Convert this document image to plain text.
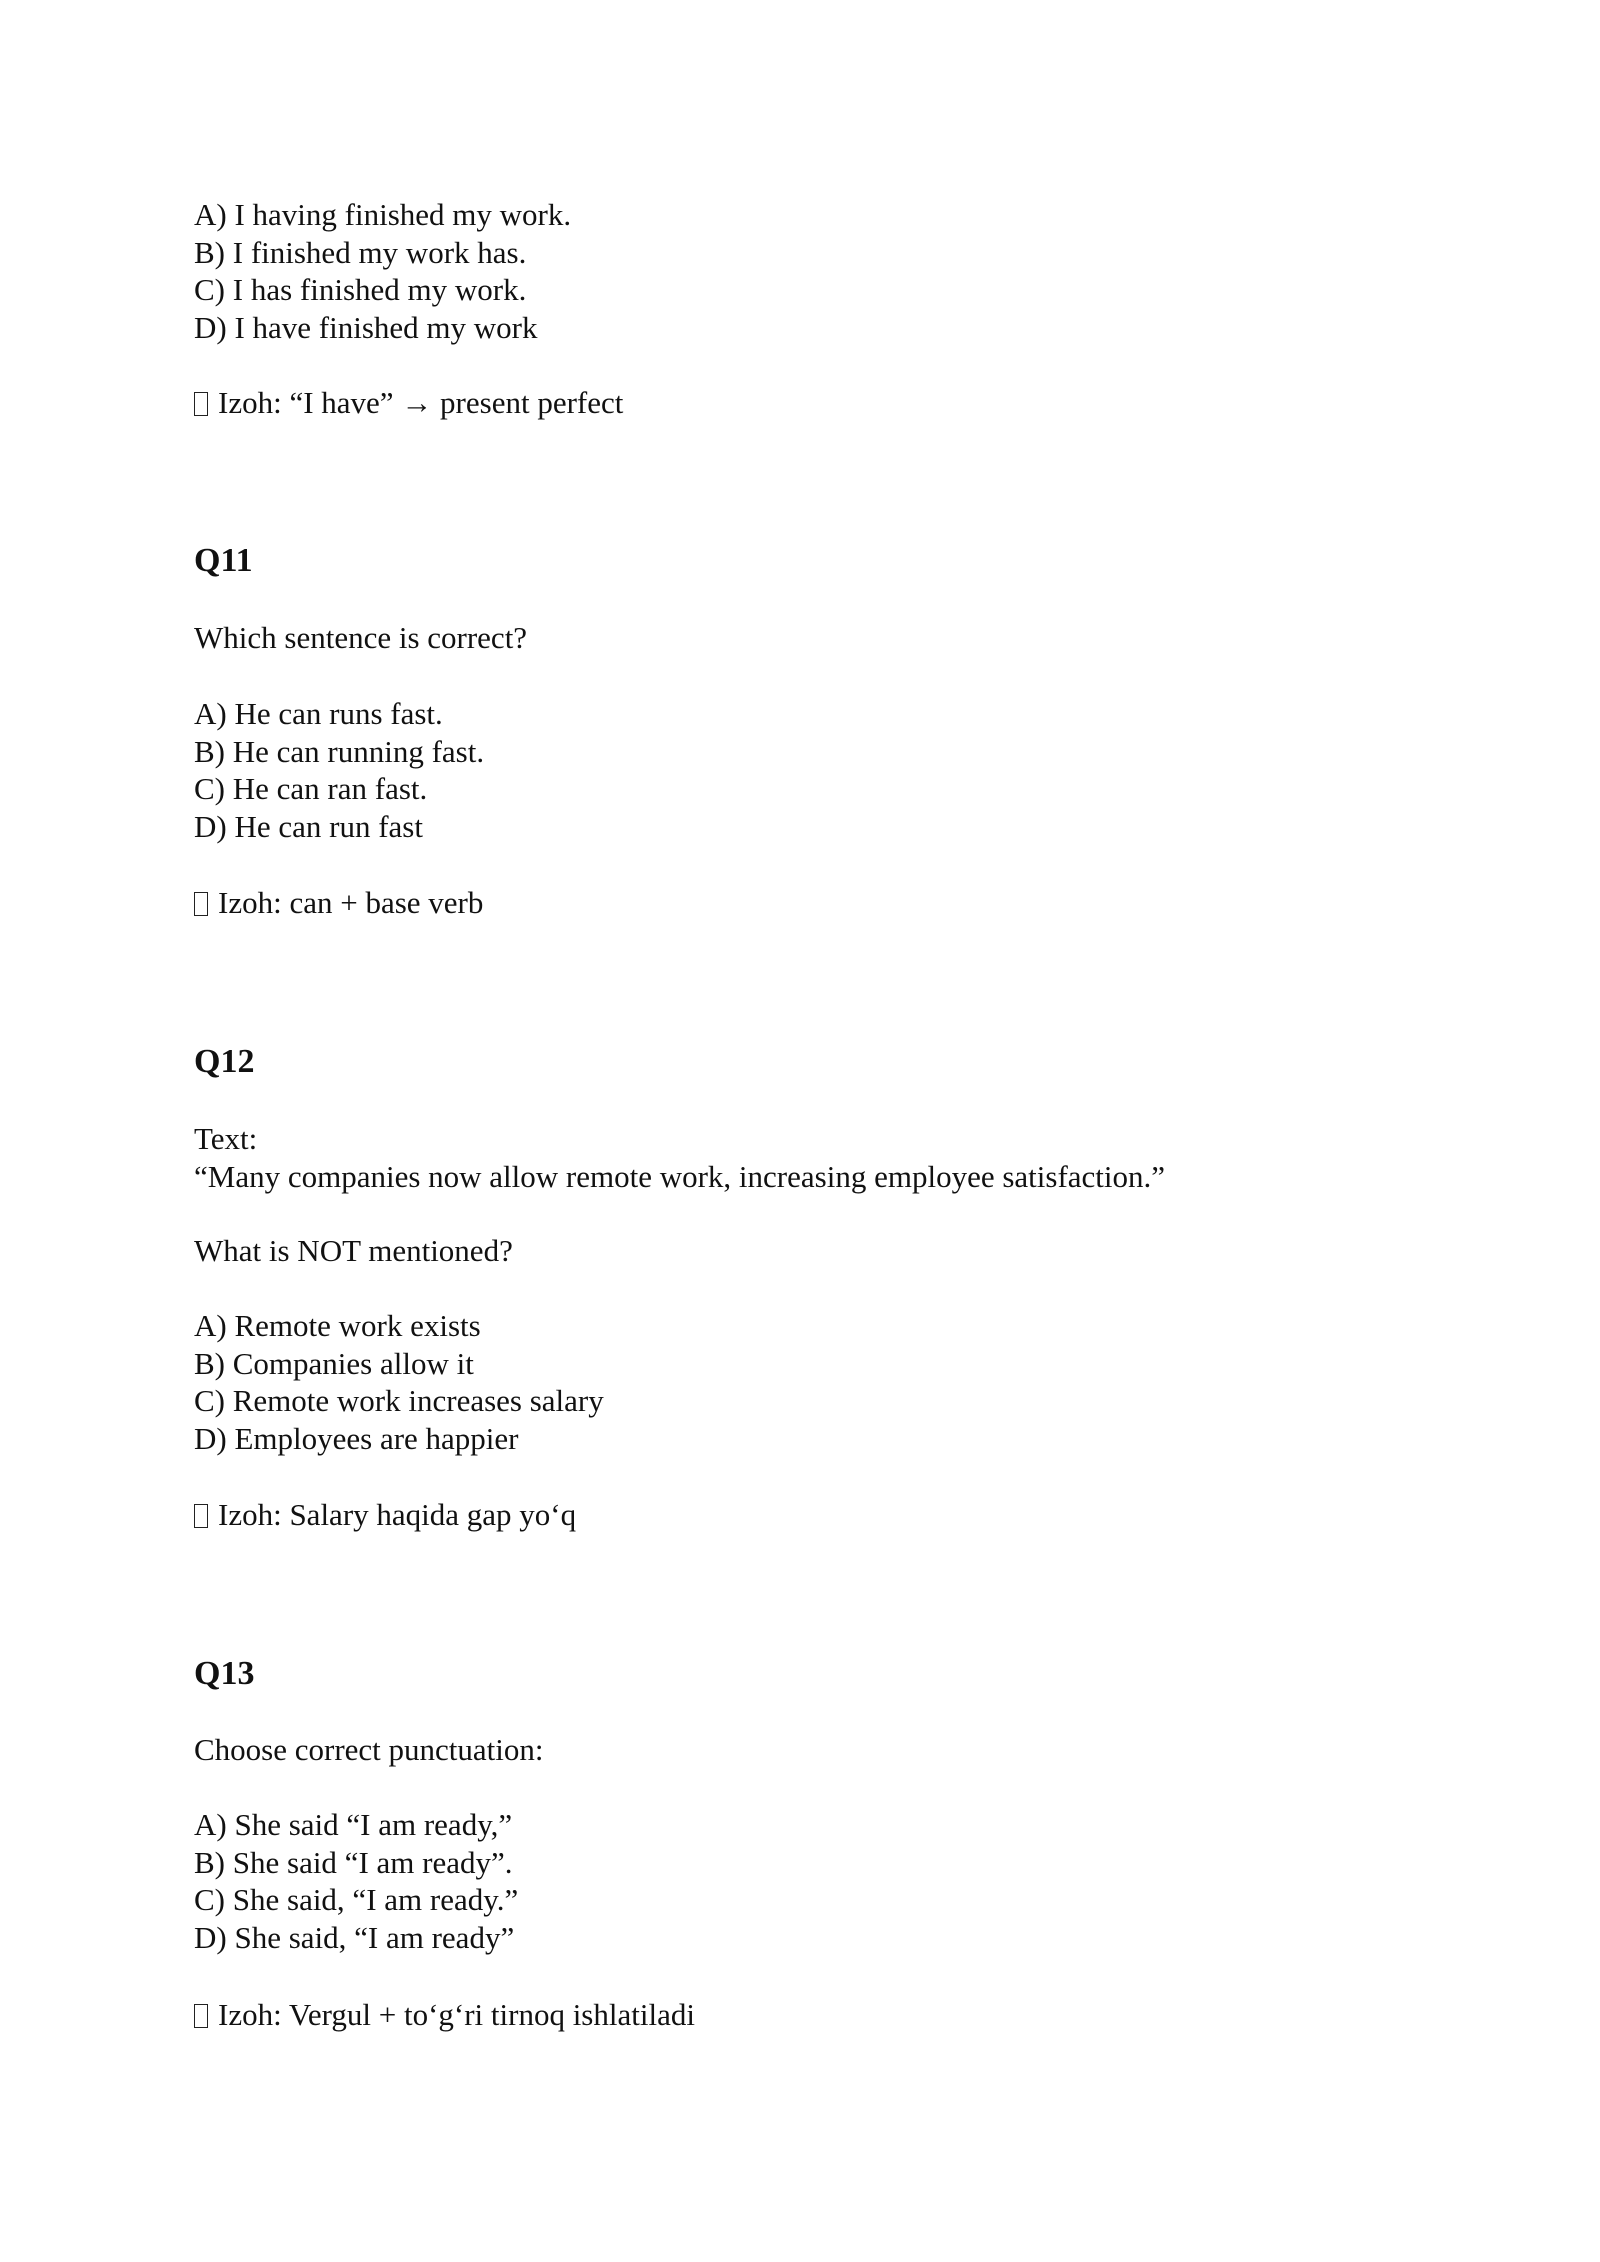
A) I having finished my work.

B) I finished my work has.

C) I has finished my work.

D) I have finished my work

Izoh: “I have” → present perfect

Q11

Which sentence is correct?

A) He can runs fast.

B) He can running fast.

C) He can ran fast.

D) He can run fast

Izoh: can + base verb

Q12

Text:

“Many companies now allow remote work, increasing employee satisfaction.”

What is NOT mentioned?

A) Remote work exists

B) Companies allow it

C) Remote work increases salary

D) Employees are happier

Izoh: Salary haqida gap yo‘q

Q13

Choose correct punctuation:

A) She said “I am ready,”

B) She said “I am ready”.

C) She said, “I am ready.”

D) She said, “I am ready”

Izoh: Vergul + to‘g‘ri tirnoq ishlatiladi
